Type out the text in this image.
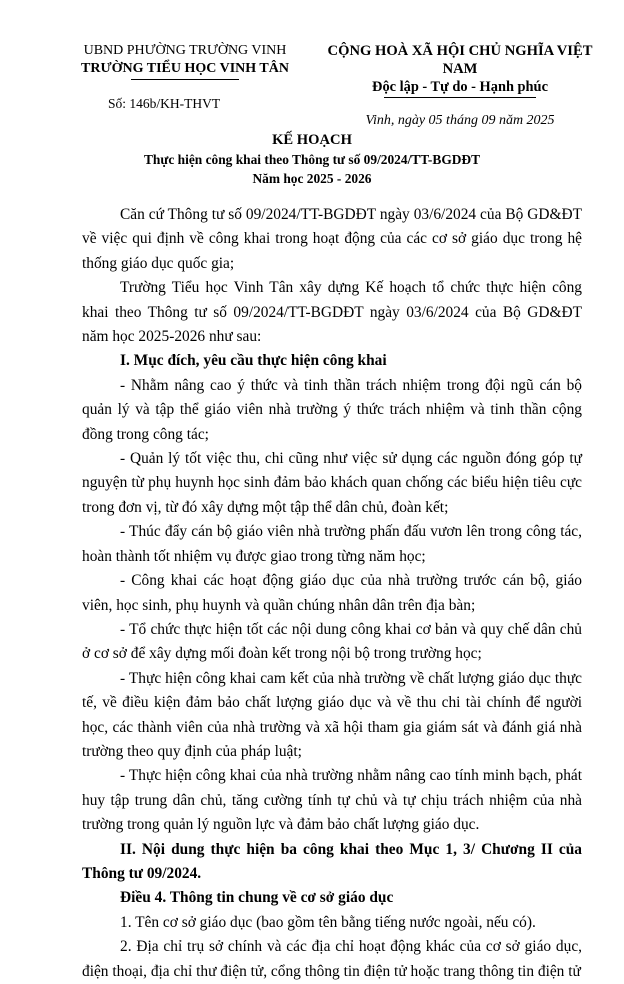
UBND PHƯỜNG TRƯỜNG VINH
TRƯỜNG TIỂU HỌC VINH TÂN
Số: 146b/KH-THVT
CỘNG HOÀ XÃ HỘI CHỦ NGHĨA VIỆT NAM
Độc lập - Tự do - Hạnh phúc
Vinh, ngày 05 tháng 09 năm 2025
KẾ HOẠCH
Thực hiện công khai theo Thông tư số 09/2024/TT-BGDĐT
Năm học 2025 - 2026

Căn cứ Thông tư số 09/2024/TT-BGDĐT ngày 03/6/2024 của Bộ GD&ĐT về việc qui định về công khai trong hoạt động của các cơ sở giáo dục trong hệ thống giáo dục quốc gia;

Trường Tiểu học Vinh Tân xây dựng Kế hoạch tổ chức thực hiện công khai theo Thông tư số 09/2024/TT-BGDĐT ngày 03/6/2024 của Bộ GD&ĐT năm học 2025-2026 như sau:

I. Mục đích, yêu cầu thực hiện công khai

- Nhằm nâng cao ý thức và tinh thần trách nhiệm trong đội ngũ cán bộ quản lý và tập thể giáo viên nhà trường ý thức trách nhiệm và tinh thần cộng đồng trong công tác;

- Quản lý tốt việc thu, chi cũng như việc sử dụng các nguồn đóng góp tự nguyện từ phụ huynh học sinh đảm bảo khách quan chống các biểu hiện tiêu cực trong đơn vị, từ đó xây dựng một tập thể dân chủ, đoàn kết;

- Thúc đẩy cán bộ giáo viên nhà trường phấn đấu vươn lên trong công tác, hoàn thành tốt nhiệm vụ được giao trong từng năm học;

- Công khai các hoạt động giáo dục của nhà trường trước cán bộ, giáo viên, học sinh, phụ huynh và quần chúng nhân dân trên địa bàn;

- Tổ chức thực hiện tốt các nội dung công khai cơ bản và quy chế dân chủ ở cơ sở để xây dựng mối đoàn kết trong nội bộ trong trường học;

- Thực hiện công khai cam kết của nhà trường về chất lượng giáo dục thực tế, về điều kiện đảm bảo chất lượng giáo dục và về thu chi tài chính để người học, các thành viên của nhà trường và xã hội tham gia giám sát và đánh giá nhà trường theo quy định của pháp luật;

- Thực hiện công khai của nhà trường nhằm nâng cao tính minh bạch, phát huy tập trung dân chủ, tăng cường tính tự chủ và tự chịu trách nhiệm của nhà trường trong quản lý nguồn lực và đảm bảo chất lượng giáo dục.

II. Nội dung thực hiện ba công khai theo Mục 1, 3/ Chương II của Thông tư 09/2024.
Điều 4. Thông tin chung về cơ sở giáo dục

1. Tên cơ sở giáo dục (bao gồm tên bằng tiếng nước ngoài, nếu có).

2. Địa chỉ trụ sở chính và các địa chỉ hoạt động khác của cơ sở giáo dục, điện thoại, địa chỉ thư điện tử, cổng thông tin điện tử hoặc trang thông tin điện tử
